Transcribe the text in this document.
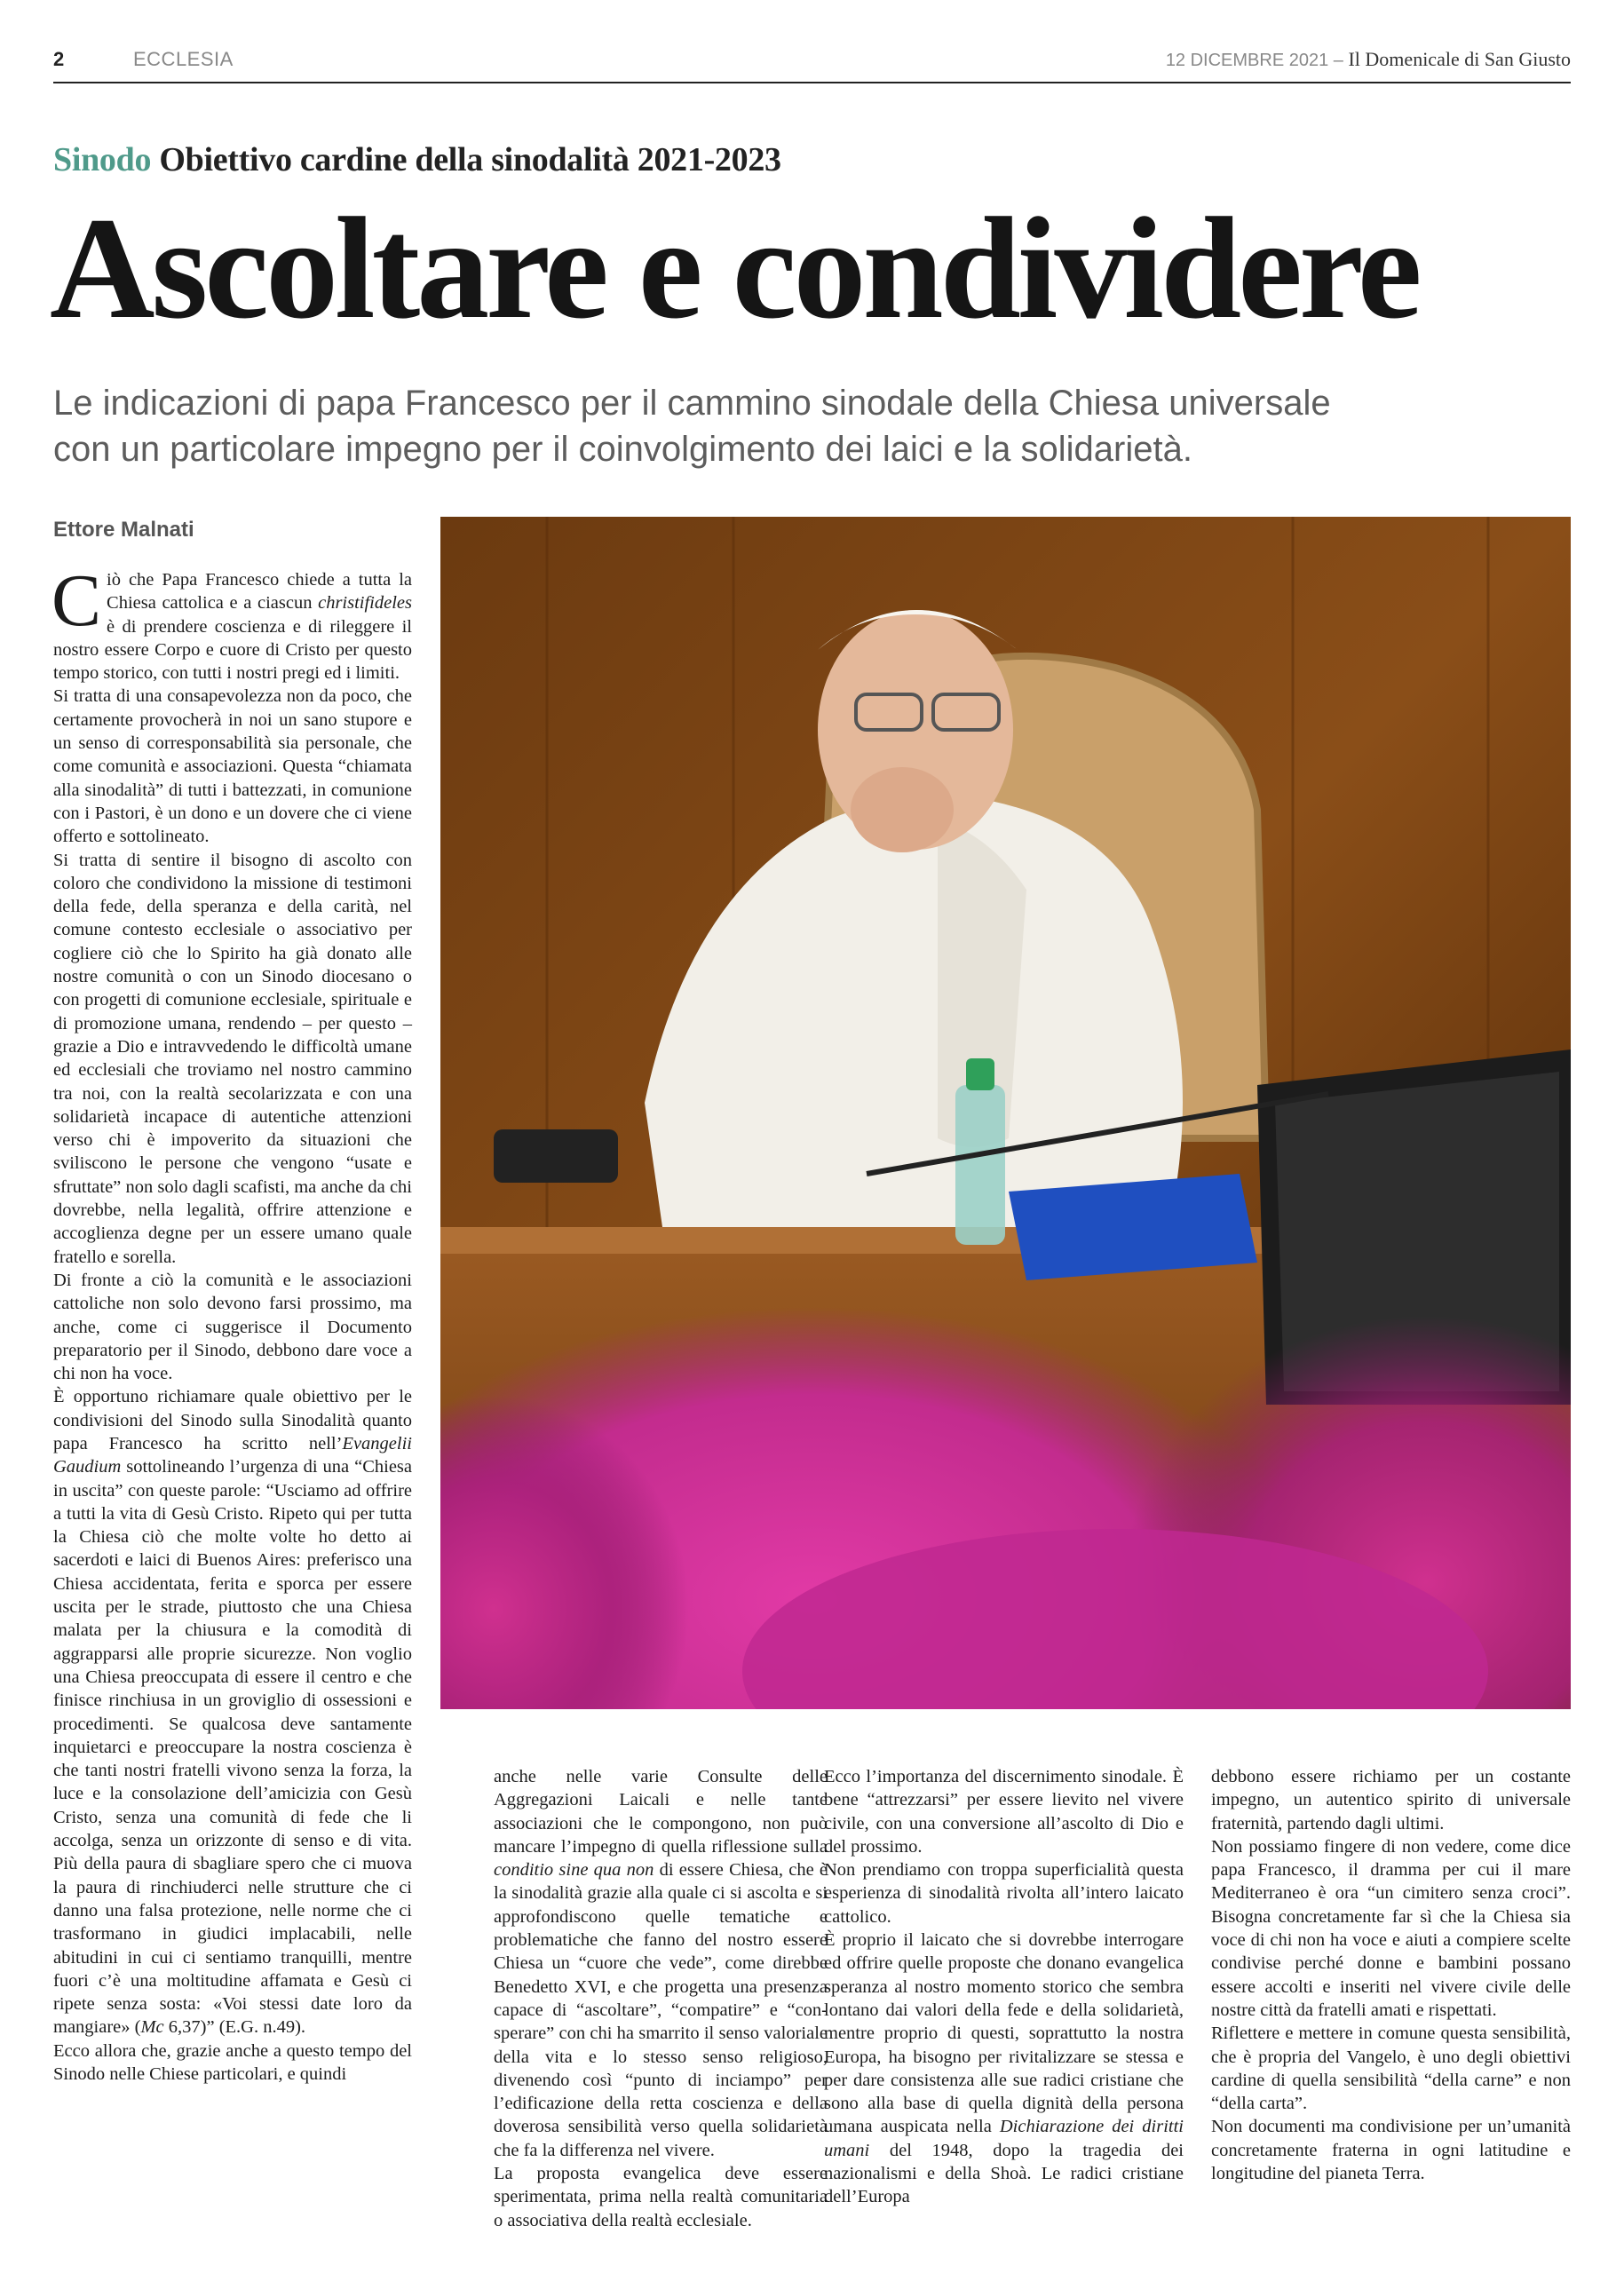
2	ECCLESIA	12 DICEMBRE 2021 – Il Domenicale di San Giusto
Sinodo Obiettivo cardine della sinodalità 2021-2023
Ascoltare e condividere
Le indicazioni di papa Francesco per il cammino sinodale della Chiesa universale
con un particolare impegno per il coinvolgimento dei laici e la solidarietà.
Ettore Malnati

Ciò che Papa Francesco chiede a tutta la Chiesa cattolica e a ciascun christifideles è di prendere coscienza e di rileggere il nostro essere Corpo e cuore di Cristo per questo tempo storico, con tutti i nostri pregi ed i limiti.

Si tratta di una consapevolezza non da poco, che certamente provocherà in noi un sano stupore e un senso di corresponsabilità sia personale, che come comunità e associazioni. Questa “chiamata alla sinodalità” di tutti i battezzati, in comunione con i Pastori, è un dono e un dovere che ci viene offerto e sottolineato.

Si tratta di sentire il bisogno di ascolto con coloro che condividono la missione di testimoni della fede, della speranza e della carità, nel comune contesto ecclesiale o associativo per cogliere ciò che lo Spirito ha già donato alle nostre comunità o con un Sinodo diocesano o con progetti di comunione ecclesiale, spirituale e di promozione umana, rendendo – per questo – grazie a Dio e intravvedendo le difficoltà umane ed ecclesiali che troviamo nel nostro cammino tra noi, con la realtà secolarizzata e con una solidarietà incapace di autentiche attenzioni verso chi è impoverito da situazioni che svilisconο le persone che vengono “usate e sfruttate” non solo dagli scafisti, ma anche da chi dovrebbe, nella legalità, offrire attenzione e accoglienza degne per un essere umano quale fratello e sorella.

Di fronte a ciò la comunità e le associazioni cattoliche non solo devono farsi prossimo, ma anche, come ci suggerisce il Documento preparatorio per il Sinodo, debbono dare voce a chi non ha voce.

È opportuno richiamare quale obiettivo per le condivisioni del Sinodo sulla Sinodalità quanto papa Francesco ha scritto nell’Evangelii Gaudium sottolineando l’urgenza di una “Chiesa in uscita” con queste parole: “Usciamo ad offrire a tutti la vita di Gesù Cristo. Ripeto qui per tutta la Chiesa ciò che molte volte ho detto ai sacerdoti e laici di Buenos Aires: preferisco una Chiesa accidentata, ferita e sporca per essere uscita per le strade, piuttosto che una Chiesa malata per la chiusura e la comodità di aggrapparsi alle proprie sicurezze. Non voglio una Chiesa preoccupata di essere il centro e che finisce rinchiusa in un groviglio di ossessioni e procedimenti. Se qualcosa deve santamente inquietarci e preoccupare la nostra coscienza è che tanti nostri fratelli vivono senza la forza, la luce e la consolazione dell’amicizia con Gesù Cristo, senza una comunità di fede che li accolga, senza un orizzonte di senso e di vita. Più della paura di sbagliare spero che ci muova la paura di rinchiuderci nelle strutture che ci danno una falsa protezione, nelle norme che ci trasformano in giudici implacabili, nelle abitudini in cui ci sentiamo tranquilli, mentre fuori c’è una moltitudine affamata e Gesù ci ripete senza sosta: «Voi stessi date loro da mangiare» (Mc 6,37)” (E.G. n.49).

Ecco allora che, grazie anche a questo tempo del Sinodo nelle Chiese particolari, e quindi

anche nelle varie Consulte delle Aggregazioni Laicali e nelle tante associazioni che le compongono, non può mancare l’impegno di quella riflessione sulla conditio sine qua non di essere Chiesa, che è la sinodalità grazie alla quale ci si ascolta e si approfondiscono quelle tematiche e problematiche che fanno del nostro essere Chiesa un “cuore che vede”, come direbbe Benedetto XVI, e che progetta una presenza capace di “ascoltare”, “compatire” e “con-sperare” con chi ha smarrito il senso valoriale della vita e lo stesso senso religioso, divenendo così “punto di inciampo” per l’edificazione della retta coscienza e della doverosa sensibilità verso quella solidarietà che fa la differenza nel vivere.

La proposta evangelica deve essere sperimentata, prima nella realtà comunitaria o associativa della realtà ecclesiale.

Ecco l’importanza del discernimento sinodale. È bene “attrezzarsi” per essere lievito nel vivere civile, con una conversione all’ascolto di Dio e del prossimo.

Non prendiamo con troppa superficialità questa esperienza di sinodalità rivolta all’intero laicato cattolico.

È proprio il laicato che si dovrebbe interrogare ed offrire quelle proposte che donano evangelica speranza al nostro momento storico che sembra lontano dai valori della fede e della solidarietà, mentre proprio di questi, soprattutto la nostra Europa, ha bisogno per rivitalizzare se stessa e per dare consistenza alle sue radici cristiane che sono alla base di quella dignità della persona umana auspicata nella Dichiarazione dei diritti umani del 1948, dopo la tragedia dei nazionalismi e della Shoà. Le radici cristiane dell’Europa

debbono essere richiamo per un costante impegno, un autentico spirito di universale fraternità, partendo dagli ultimi.

Non possiamo fingere di non vedere, come dice papa Francesco, il dramma per cui il mare Mediterraneo è ora “un cimitero senza croci”. Bisogna concretamente far sì che la Chiesa sia voce di chi non ha voce e aiuti a compiere scelte condivise perché donne e bambini possano essere accolti e inseriti nel vivere civile delle nostre città da fratelli amati e rispettati.

Riflettere e mettere in comune questa sensibilità, che è propria del Vangelo, è uno degli obiettivi cardine di quella sensibilità “della carne” e non “della carta”.

Non documenti ma condivisione per un’umanità concretamente fraterna in ogni latitudine e longitudine del pianeta Terra.
